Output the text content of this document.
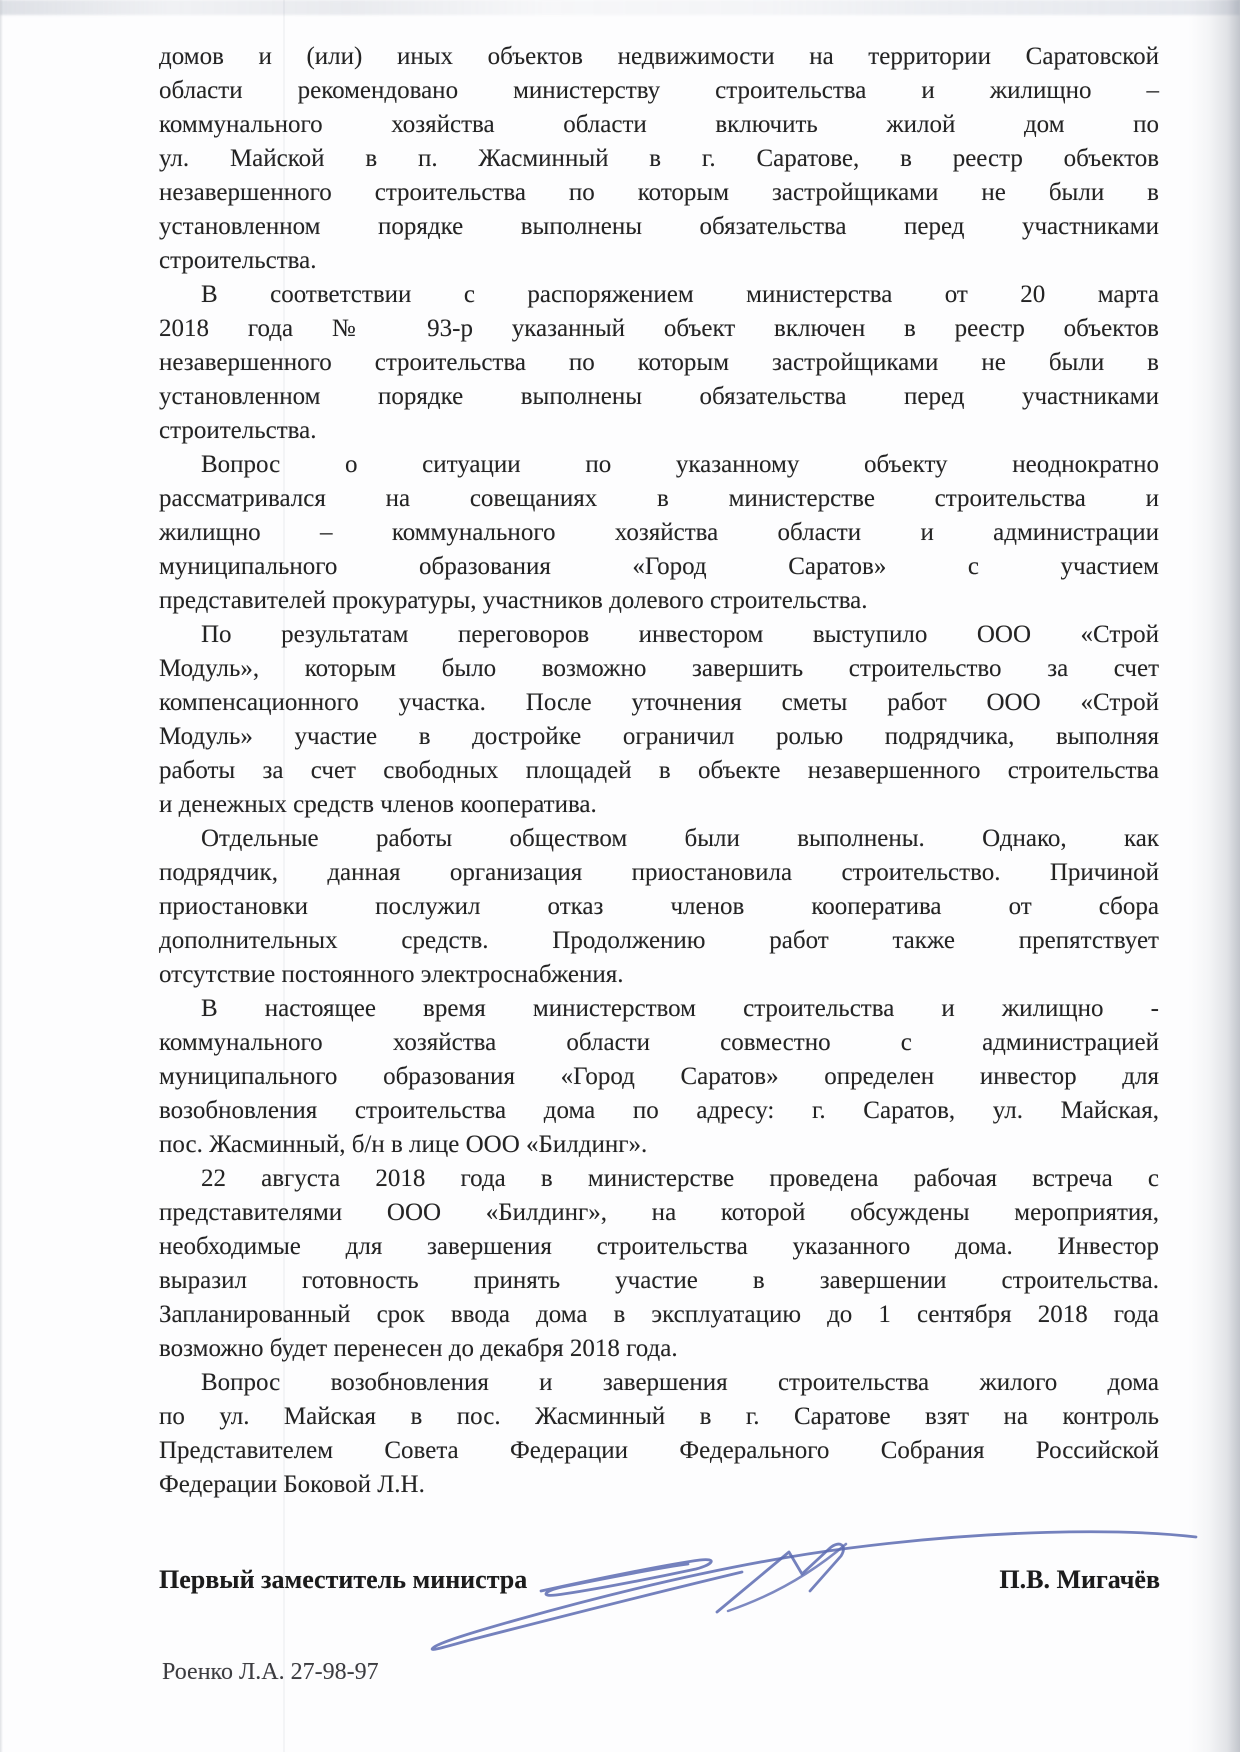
домов и (или) иных объектов недвижимости на территории Саратовской
области рекомендовано министерству строительства и жилищно –
коммунального хозяйства области включить жилой дом по
ул. Майской в п. Жасминный в г. Саратове, в реестр объектов
незавершенного строительства по которым застройщиками не были в
установленном порядке выполнены обязательства перед участниками
строительства.
В соответствии с распоряжением министерства от 20 марта
2018 года № 93-р указанный объект включен в реестр объектов
незавершенного строительства по которым застройщиками не были в
установленном порядке выполнены обязательства перед участниками
строительства.
Вопрос о ситуации по указанному объекту неоднократно
рассматривался на совещаниях в министерстве строительства и
жилищно – коммунального хозяйства области и администрации
муниципального образования «Город Саратов» с участием
представителей прокуратуры, участников долевого строительства.
По результатам переговоров инвестором выступило ООО «Строй
Модуль», которым было возможно завершить строительство за счет
компенсационного участка. После уточнения сметы работ ООО «Строй
Модуль» участие в достройке ограничил ролью подрядчика, выполняя
работы за счет свободных площадей в объекте незавершенного строительства
и денежных средств членов кооператива.
Отдельные работы обществом были выполнены. Однако, как
подрядчик, данная организация приостановила строительство. Причиной
приостановки послужил отказ членов кооператива от сбора
дополнительных средств. Продолжению работ также препятствует
отсутствие постоянного электроснабжения.
В настоящее время министерством строительства и жилищно -
коммунального хозяйства области совместно с администрацией
муниципального образования «Город Саратов» определен инвестор для
возобновления строительства дома по адресу: г. Саратов, ул. Майская,
пос. Жасминный, б/н в лице ООО «Билдинг».
22 августа 2018 года в министерстве проведена рабочая встреча с
представителями ООО «Билдинг», на которой обсуждены мероприятия,
необходимые для завершения строительства указанного дома. Инвестор
выразил готовность принять участие в завершении строительства.
Запланированный срок ввода дома в эксплуатацию до 1 сентября 2018 года
возможно будет перенесен до декабря 2018 года.
Вопрос возобновления и завершения строительства жилого дома
по ул. Майская в пос. Жасминный в г. Саратове взят на контроль
Представителем Совета Федерации Федерального Собрания Российской
Федерации Боковой Л.Н.
Первый заместитель министра	П.В. Мигачёв
Роенко Л.А. 27-98-97
